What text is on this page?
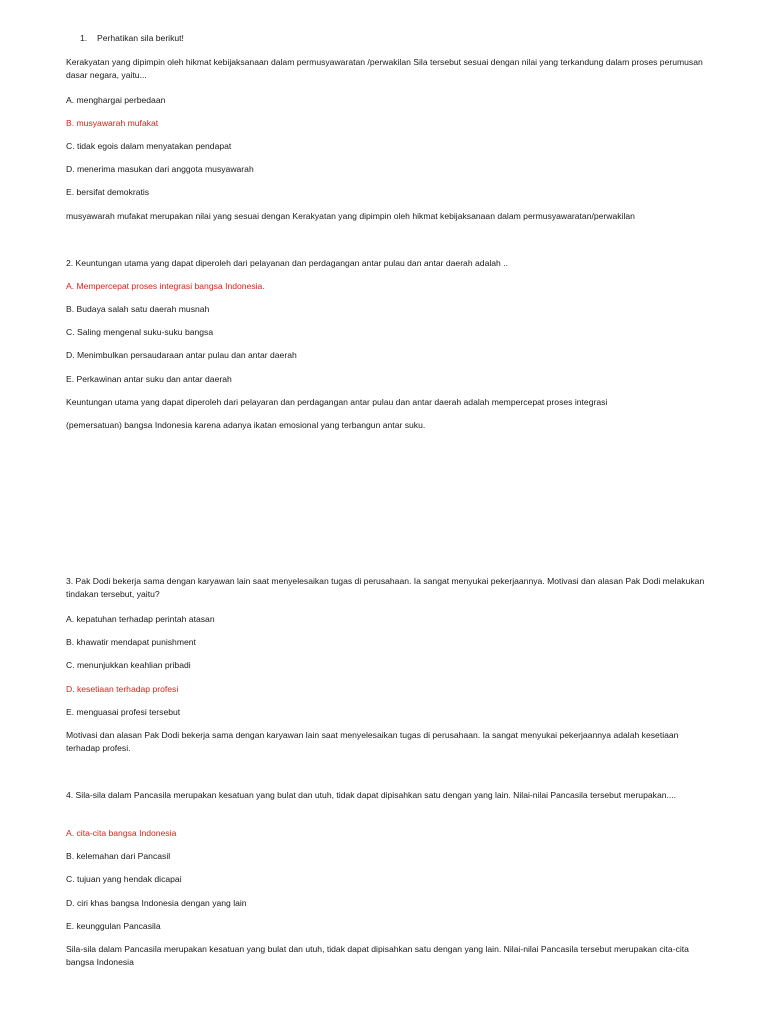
1. Perhatikan sila berikut!
Kerakyatan yang dipimpin oleh hikmat kebijaksanaan dalam permusyawaratan /perwakilan Sila tersebut sesuai dengan nilai yang terkandung dalam proses perumusan dasar negara, yaitu...
A. menghargai perbedaan
B. musyawarah mufakat
C. tidak egois dalam menyatakan pendapat
D. menerima masukan dari anggota musyawarah
E. bersifat demokratis
musyawarah mufakat merupakan nilai yang sesuai dengan Kerakyatan yang dipimpin oleh hikmat kebijaksanaan dalam permusyawaratan/perwakilan
2. Keuntungan utama yang dapat diperoleh dari pelayanan dan perdagangan antar pulau dan antar daerah adalah ..
A. Mempercepat proses integrasi bangsa Indonesia.
B. Budaya salah satu daerah musnah
C. Saling mengenal suku-suku bangsa
D. Menimbulkan persaudaraan antar pulau dan antar daerah
E. Perkawinan antar suku dan antar daerah
Keuntungan utama yang dapat diperoleh dari pelayaran dan perdagangan antar pulau dan antar daerah adalah mempercepat proses integrasi
(pemersatuan) bangsa Indonesia karena adanya ikatan emosional yang terbangun antar suku.
3. Pak Dodi bekerja sama dengan karyawan lain saat menyelesaikan tugas di perusahaan. Ia sangat menyukai pekerjaannya. Motivasi dan alasan Pak Dodi melakukan tindakan tersebut, yaitu?
A. kepatuhan terhadap perintah atasan
B. khawatir mendapat punishment
C. menunjukkan keahlian pribadi
D. kesetiaan terhadap profesi
E. menguasai profesi tersebut
Motivasi dan alasan Pak Dodi bekerja sama dengan karyawan lain saat menyelesaikan tugas di perusahaan. Ia sangat menyukai pekerjaannya adalah kesetiaan terhadap profesi.
4. Sila-sila dalam Pancasila merupakan kesatuan yang bulat dan utuh, tidak dapat dipisahkan satu dengan yang lain. Nilai-nilai Pancasila tersebut merupakan....
A. cita-cita bangsa Indonesia
B. kelemahan dari Pancasil
C. tujuan yang hendak dicapai
D. ciri khas bangsa Indonesia dengan yang lain
E. keunggulan Pancasila
Sila-sila dalam Pancasila merupakan kesatuan yang bulat dan utuh, tidak dapat dipisahkan satu dengan yang lain. Nilai-nilai Pancasila tersebut merupakan cita-cita bangsa Indonesia
